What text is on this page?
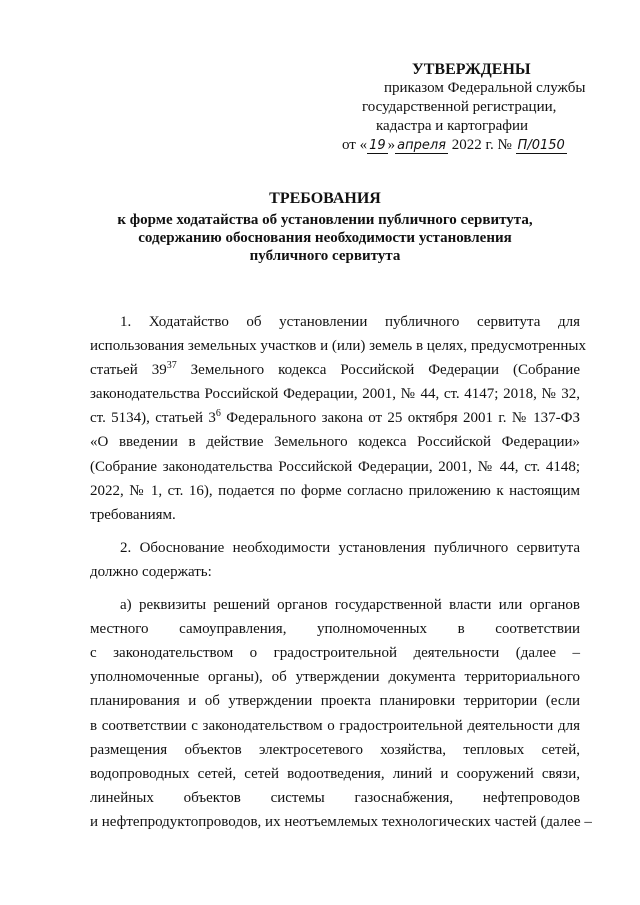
УТВЕРЖДЕНЫ
приказом Федеральной службы
государственной регистрации,
кадастра и картографии
от « 19 » апреля 2022 г. № П/0150
ТРЕБОВАНИЯ
к форме ходатайства об установлении публичного сервитута,
содержанию обоснования необходимости установления
публичного сервитута
1. Ходатайство об установлении публичного сервитута для
использования земельных участков и (или) земель в целях, предусмотренных
статьей $39^{37}$ Земельного кодекса Российской Федерации (Собрание
законодательства Российской Федерации, 2001, № 44, ст. 4147; 2018, № 32,
ст. 5134), статьей $3^6$ Федерального закона от 25 октября 2001 г. № 137-ФЗ
«О введении в действие Земельного кодекса Российской Федерации»
(Собрание законодательства Российской Федерации, 2001, № 44, ст. 4148;
2022, № 1, ст. 16), подается по форме согласно приложению к настоящим
требованиям.
2. Обоснование необходимости установления публичного сервитута
должно содержать:
а) реквизиты решений органов государственной власти или органов
местного самоуправления, уполномоченных в соответствии
с законодательством о градостроительной деятельности (далее –
уполномоченные органы), об утверждении документа территориального
планирования и об утверждении проекта планировки территории (если
в соответствии с законодательством о градостроительной деятельности для
размещения объектов электросетевого хозяйства, тепловых сетей,
водопроводных сетей, сетей водоотведения, линий и сооружений связи,
линейных объектов системы газоснабжения, нефтепроводов
и нефтепродуктопроводов, их неотъемлемых технологических частей (далее –
